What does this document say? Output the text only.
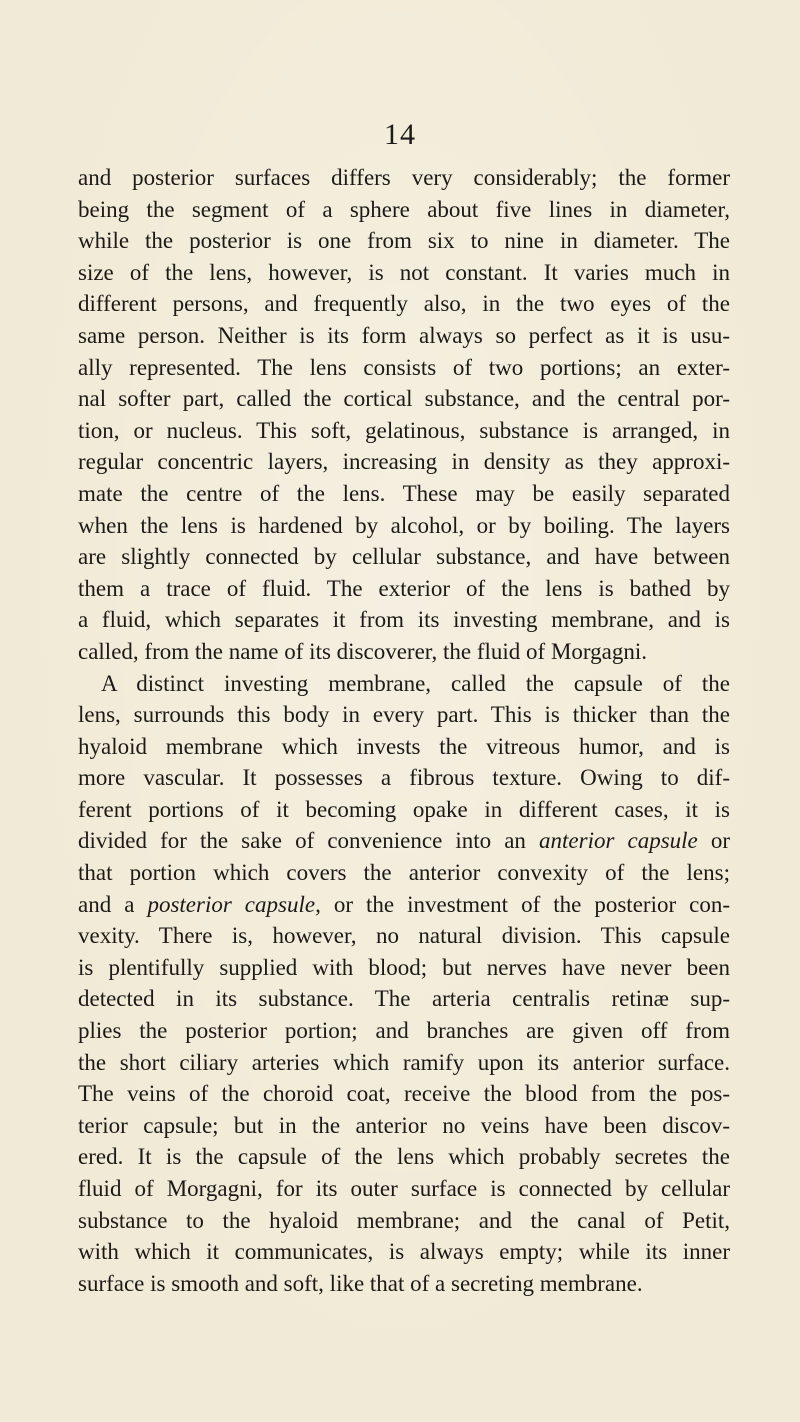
14
and posterior surfaces differs very considerably; the former
being the segment of a sphere about five lines in diameter,
while the posterior is one from six to nine in diameter. The
size of the lens, however, is not constant. It varies much in
different persons, and frequently also, in the two eyes of the
same person. Neither is its form always so perfect as it is usu-
ally represented. The lens consists of two portions; an exter-
nal softer part, called the cortical substance, and the central por-
tion, or nucleus. This soft, gelatinous, substance is arranged, in
regular concentric layers, increasing in density as they approxi-
mate the centre of the lens. These may be easily separated
when the lens is hardened by alcohol, or by boiling. The layers
are slightly connected by cellular substance, and have between
them a trace of fluid. The exterior of the lens is bathed by
a fluid, which separates it from its investing membrane, and is
called, from the name of its discoverer, the fluid of Morgagni.
A distinct investing membrane, called the capsule of the
lens, surrounds this body in every part. This is thicker than the
hyaloid membrane which invests the vitreous humor, and is
more vascular. It possesses a fibrous texture. Owing to dif-
ferent portions of it becoming opake in different cases, it is
divided for the sake of convenience into an anterior capsule or
that portion which covers the anterior convexity of the lens;
and a posterior capsule, or the investment of the posterior con-
vexity. There is, however, no natural division. This capsule
is plentifully supplied with blood; but nerves have never been
detected in its substance. The arteria centralis retinæ sup-
plies the posterior portion; and branches are given off from
the short ciliary arteries which ramify upon its anterior surface.
The veins of the choroid coat, receive the blood from the pos-
terior capsule; but in the anterior no veins have been discov-
ered. It is the capsule of the lens which probably secretes the
fluid of Morgagni, for its outer surface is connected by cellular
substance to the hyaloid membrane; and the canal of Petit,
with which it communicates, is always empty; while its inner
surface is smooth and soft, like that of a secreting membrane.
